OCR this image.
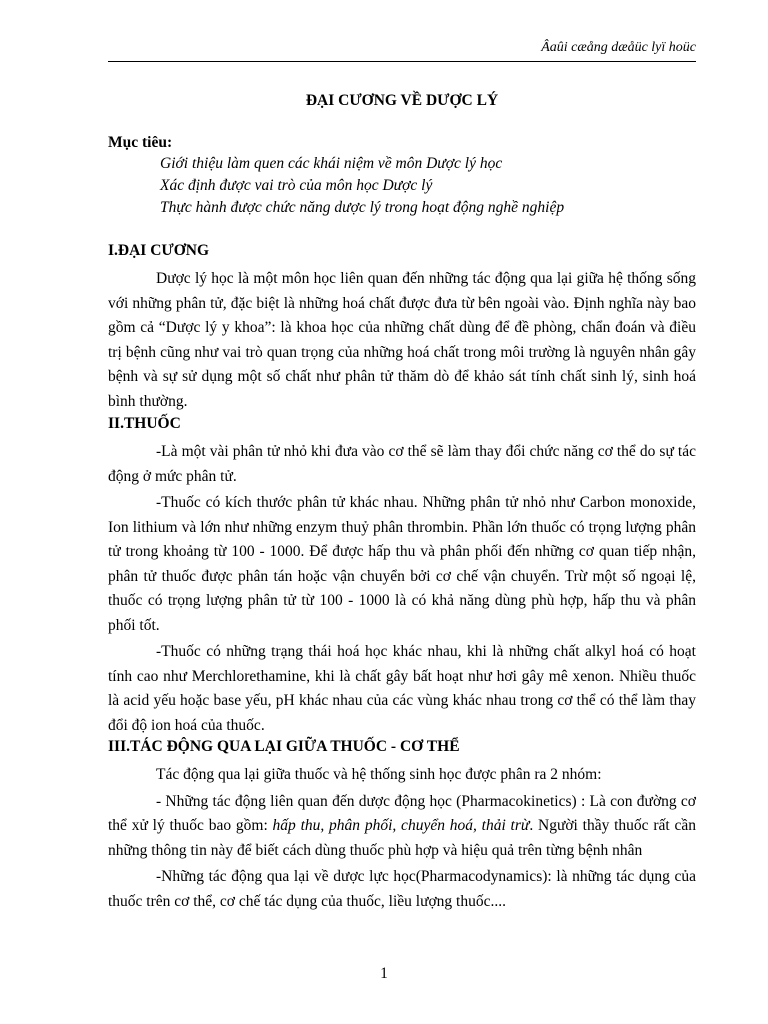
Âaûi cæång dæåüc lyï hoüc
ĐẠI CƯƠNG VỀ DƯỢC LÝ
Mục tiêu:
Giới thiệu làm quen các khái niệm về môn Dược lý học
Xác định được vai trò của môn học Dược lý
Thực hành được chức năng dược lý trong hoạt động nghề nghiệp
I.ĐẠI CƯƠNG

Dược lý học là một môn học liên quan đến những tác động qua lại giữa hệ thống sống với những phân tử, đặc biệt là những hoá chất được đưa từ bên ngoài vào. Định nghĩa này bao gồm cả “Dược lý y khoa”: là khoa học của những chất dùng để đề phòng, chẩn đoán và điều trị bệnh cũng như vai trò quan trọng của những hoá chất trong môi trường là nguyên nhân gây bệnh và sự sử dụng một số chất như phân tử thăm dò để khảo sát tính chất sinh lý, sinh hoá bình thường.

II.THUỐC

-Là một vài phân tử nhỏ khi đưa vào cơ thể sẽ làm thay đổi chức năng cơ thể do sự tác động ở mức phân tử.

-Thuốc có kích thước phân tử khác nhau. Những phân tử nhỏ như Carbon monoxide, Ion lithium và lớn như những enzym thuỷ phân thrombin. Phần lớn thuốc có trọng lượng phân tử trong khoảng từ 100 - 1000. Để được hấp thu và phân phối đến những cơ quan tiếp nhận, phân tử thuốc được phân tán hoặc vận chuyển bởi cơ chế vận chuyển. Trừ một số ngoại lệ, thuốc có trọng lượng phân tử từ 100 - 1000 là có khả năng dùng phù hợp, hấp thu và phân phối tốt.

-Thuốc có những trạng thái hoá học khác nhau, khi là những chất alkyl hoá có hoạt tính cao như Merchlorethamine, khi là chất gây bất hoạt như hơi gây mê xenon. Nhiều thuốc là acid yếu hoặc base yếu, pH khác nhau của các vùng khác nhau trong cơ thể có thể làm thay đổi độ ion hoá của thuốc.

III.TÁC ĐỘNG QUA LẠI GIỮA THUỐC - CƠ THỂ

Tác động qua lại giữa thuốc và hệ thống sinh học được phân ra 2 nhóm:

- Những tác động liên quan đến dược động học (Pharmacokinetics) : Là con đường cơ thể xử lý thuốc bao gồm: hấp thu, phân phối, chuyển hoá, thải trừ. Người thầy thuốc rất cần những thông tin này để biết cách dùng thuốc phù hợp và hiệu quả trên từng bệnh nhân

-Những tác động qua lại về dược lực học(Pharmacodynamics): là những tác dụng của thuốc trên cơ thể, cơ chế tác dụng của thuốc, liều lượng thuốc....

1
